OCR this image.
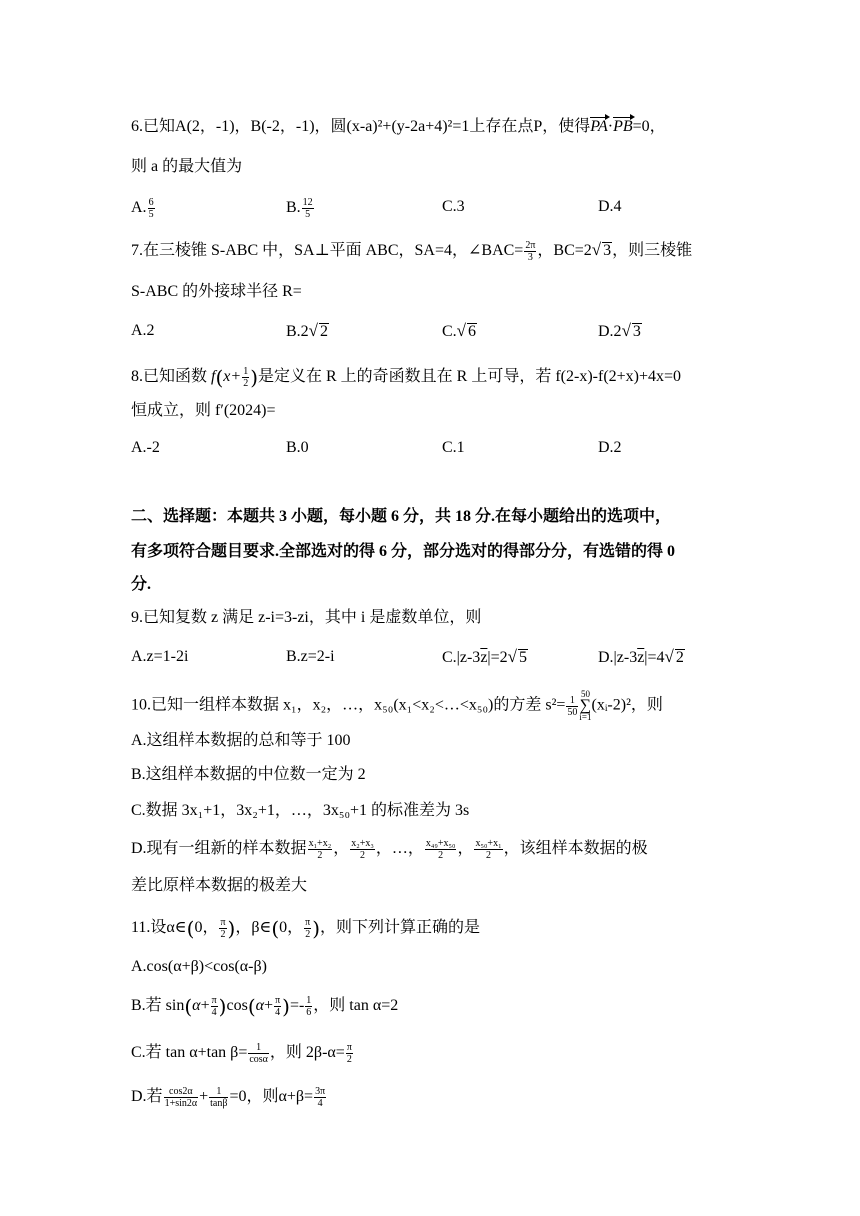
6.已知A(2，-1)，B(-2，-1)，圆(x-a)²+(y-2a+4)²=1上存在点P，使得PA·PB=0，
则 a 的最大值为
A. $\frac{6}{5}$	B. $\frac{12}{5}$	C.3	D.4
7.在三棱锥 S-ABC 中，SA⊥平面 ABC，SA=4，∠BAC= $\frac{2\pi}{3}$ ，BC=2√ 3，则三棱锥
S-ABC 的外接球半径 R=
A.2	B.2√ 2	C.√ 6	D.2√ 3
8.已知函数 $f(x+ \frac{1}{2}$ )是定义在 R 上的奇函数且在 R 上可导，若 f(2-x)-f(2+x)+4x=0
恒成立，则 f′(2024)=
A.-2	B.0	C.1	D.2
二、选择题：本题共 3 小题，每小题 6 分，共 18 分.在每小题给出的选项中，
有多项符合题目要求.全部选对的得 6 分，部分选对的得部分分，有选错的得 0
分.
9.已知复数 z 满足 z-i=3-zi，其中 i 是虚数单位，则
A.z=1-2i	B.z=2-i	$C.|z-3\overline{z}|=2√$ 5	$D.|z-3\overline{z}|=4√$ 2
10.已知一组样本数据 x₁，x₂，…，x₅₀(x₁<x₂<…<x₅₀)的方差 $s^2= \frac{1}{50}$
50
∑
i=1(xᵢ-2)²，则
A.这组样本数据的总和等于 100
B.这组样本数据的中位数一定为 2
C.数据 3x₁+1，3x₂+1，…，3x₅₀+1 的标准差为 3s
D.现有一组新的样本数据 $\frac{\text{x₁+x₂}}{2}$ ， $\frac{\text{x₂+x₃}}{2}$ ，…， $\frac{\text{x₄₉+x₅₀}}{2}$ ， $\frac{\text{x₅₀+x₁}}{2}$ ，该组样本数据的极
差比原样本数据的极差大
11.设α∈(0， $\frac{\pi}{2}$ )，β∈(0， $\frac{\pi}{2}$ )，则下列计算正确的是
A.cos(α+β)<cos(α-β)
B.若 $\sin(\alpha+ \frac{\pi}{4} )\cos(\alpha+ \frac{\pi}{4}$ )=- $\frac{1}{6}$ ，则 tan α=2
C.若 tan α+tan $\beta= \frac{1}{\cos\alpha}$ ，则 $2\beta-\alpha= \frac{\pi}{2}$
D.若 $\frac{\cos 2\alpha}{1+\sin 2\alpha} + \frac{1}{\tan\beta} =0$，则$\alpha+\beta= \frac{3\pi}{4}$
